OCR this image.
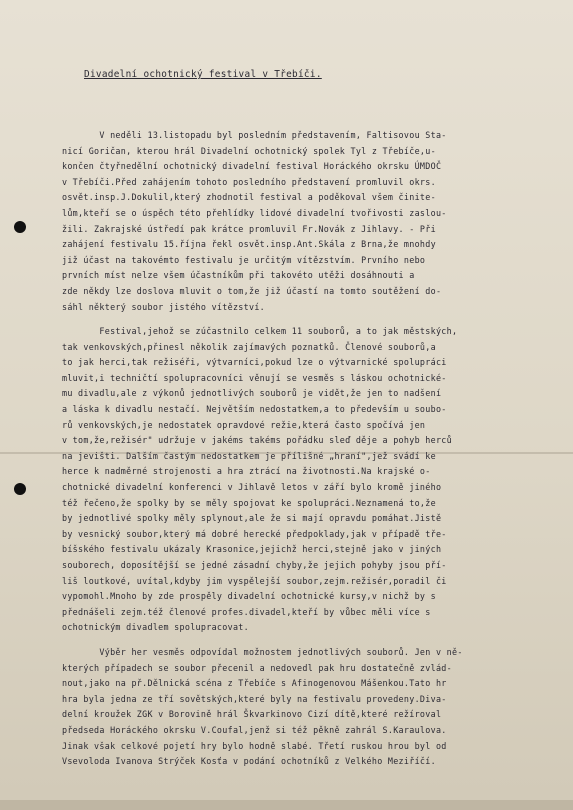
Divadelní ochotnický festival v Třebíči.

V neděli 13.listopadu byl posledním představením, Faltisovou Sta-
nicí Goričan, kterou hrál Divadelní ochotnický spolek Tyl z Třebíče,u-
končen čtyřnedělní ochotnický divadelní festival Horáckého okrsku ÚMDOČ
v Třebíči.Před zahájením tohoto posledního představení promluvil okrs.
osvět.insp.J.Dokulil,který zhodnotil festival a poděkoval všem činite-
lům,kteří se o úspěch této přehlídky lidové divadelní tvořivosti zaslou-
žili. Zakrajské ústředí pak krátce promluvil Fr.Novák z Jihlavy. - Při
zahájení festivalu 15.října řekl osvět.insp.Ant.Skála z Brna,že mnohdy
již účast na takovémto festivalu je určitým vítězstvím. Prvního nebo
prvních míst nelze všem účastníkům při takovéto utěži dosáhnouti a
zde někdy lze doslova mluvit o tom,že již účastí na tomto soutěžení do-
sáhl některý soubor jistého vítězství.
Festival,jehož se zúčastnilo celkem 11 souborů, a to jak městských,
tak venkovských,přinesl několik zajímavých poznatků. Členové souborů,a
to jak herci,tak režiséři, výtvarníci,pokud lze o výtvarnické spolupráci
mluvit,i techničtí spolupracovníci věnují se vesměs s láskou ochotnické-
mu divadlu,ale z výkonů jednotlivých souborů je vidět,že jen to nadšení
a láska k divadlu nestačí. Největším nedostatkem,a to především u soubo-
rů venkovských,je nedostatek opravdové režie,která často spočívá jen
v tom,že,režisér" udržuje v jakéms takéms pořádku sleď děje a pohyb herců
na jevišti. Dalším častým nedostatkem je přílišné „hraní",jež svádí ke
herce k nadměrné strojenosti a hra ztrácí na životnosti.Na krajské o-
chotnické divadelní konferenci v Jihlavě letos v září bylo kromě jiného
též řečeno,že spolky by se měly spojovat ke spolupráci.Neznamená to,že
by jednotlivé spolky měly splynout,ale že si mají opravdu pomáhat.Jistě
by vesnický soubor,který má dobré herecké předpoklady,jak v případě tře-
bíšského festivalu ukázaly Krasonice,jejichž herci,stejně jako v jiných
souborech, doposítější se jedné zásadní chyby,že jejich pohyby jsou pří-
liš loutkové, uvítal,kdyby jim vyspělejší soubor,zejm.režisér,poradil či
vypomohl.Mnoho by zde prospěly divadelní ochotnické kursy,v nichž by s
přednášeli zejm.též členové profes.divadel,kteří by vůbec měli více s
ochotnickým divadlem spolupracovat.
Výběr her vesměs odpovídal možnostem jednotlivých souborů. Jen v ně-
kterých případech se soubor přecenil a nedovedl pak hru dostatečně zvlád-
nout,jako na př.Dělnická scéna z Třebíče s Afinogenovou Mášenkou.Tato hr
hra byla jedna ze tří sovětských,které byly na festivalu provedeny.Diva-
delní kroužek ZGK v Borovině hrál Škvarkinovo Cizí dítě,které režíroval
předseda Horáckého okrsku V.Coufal,jenž si též pěkně zahrál S.Karaulova.
Jinak však celkové pojetí hry bylo hodně slabé. Třetí ruskou hrou byl od
Vsevoloda Ivanova Strýček Kosťa v podání ochotníků z Velkého Meziříčí.
